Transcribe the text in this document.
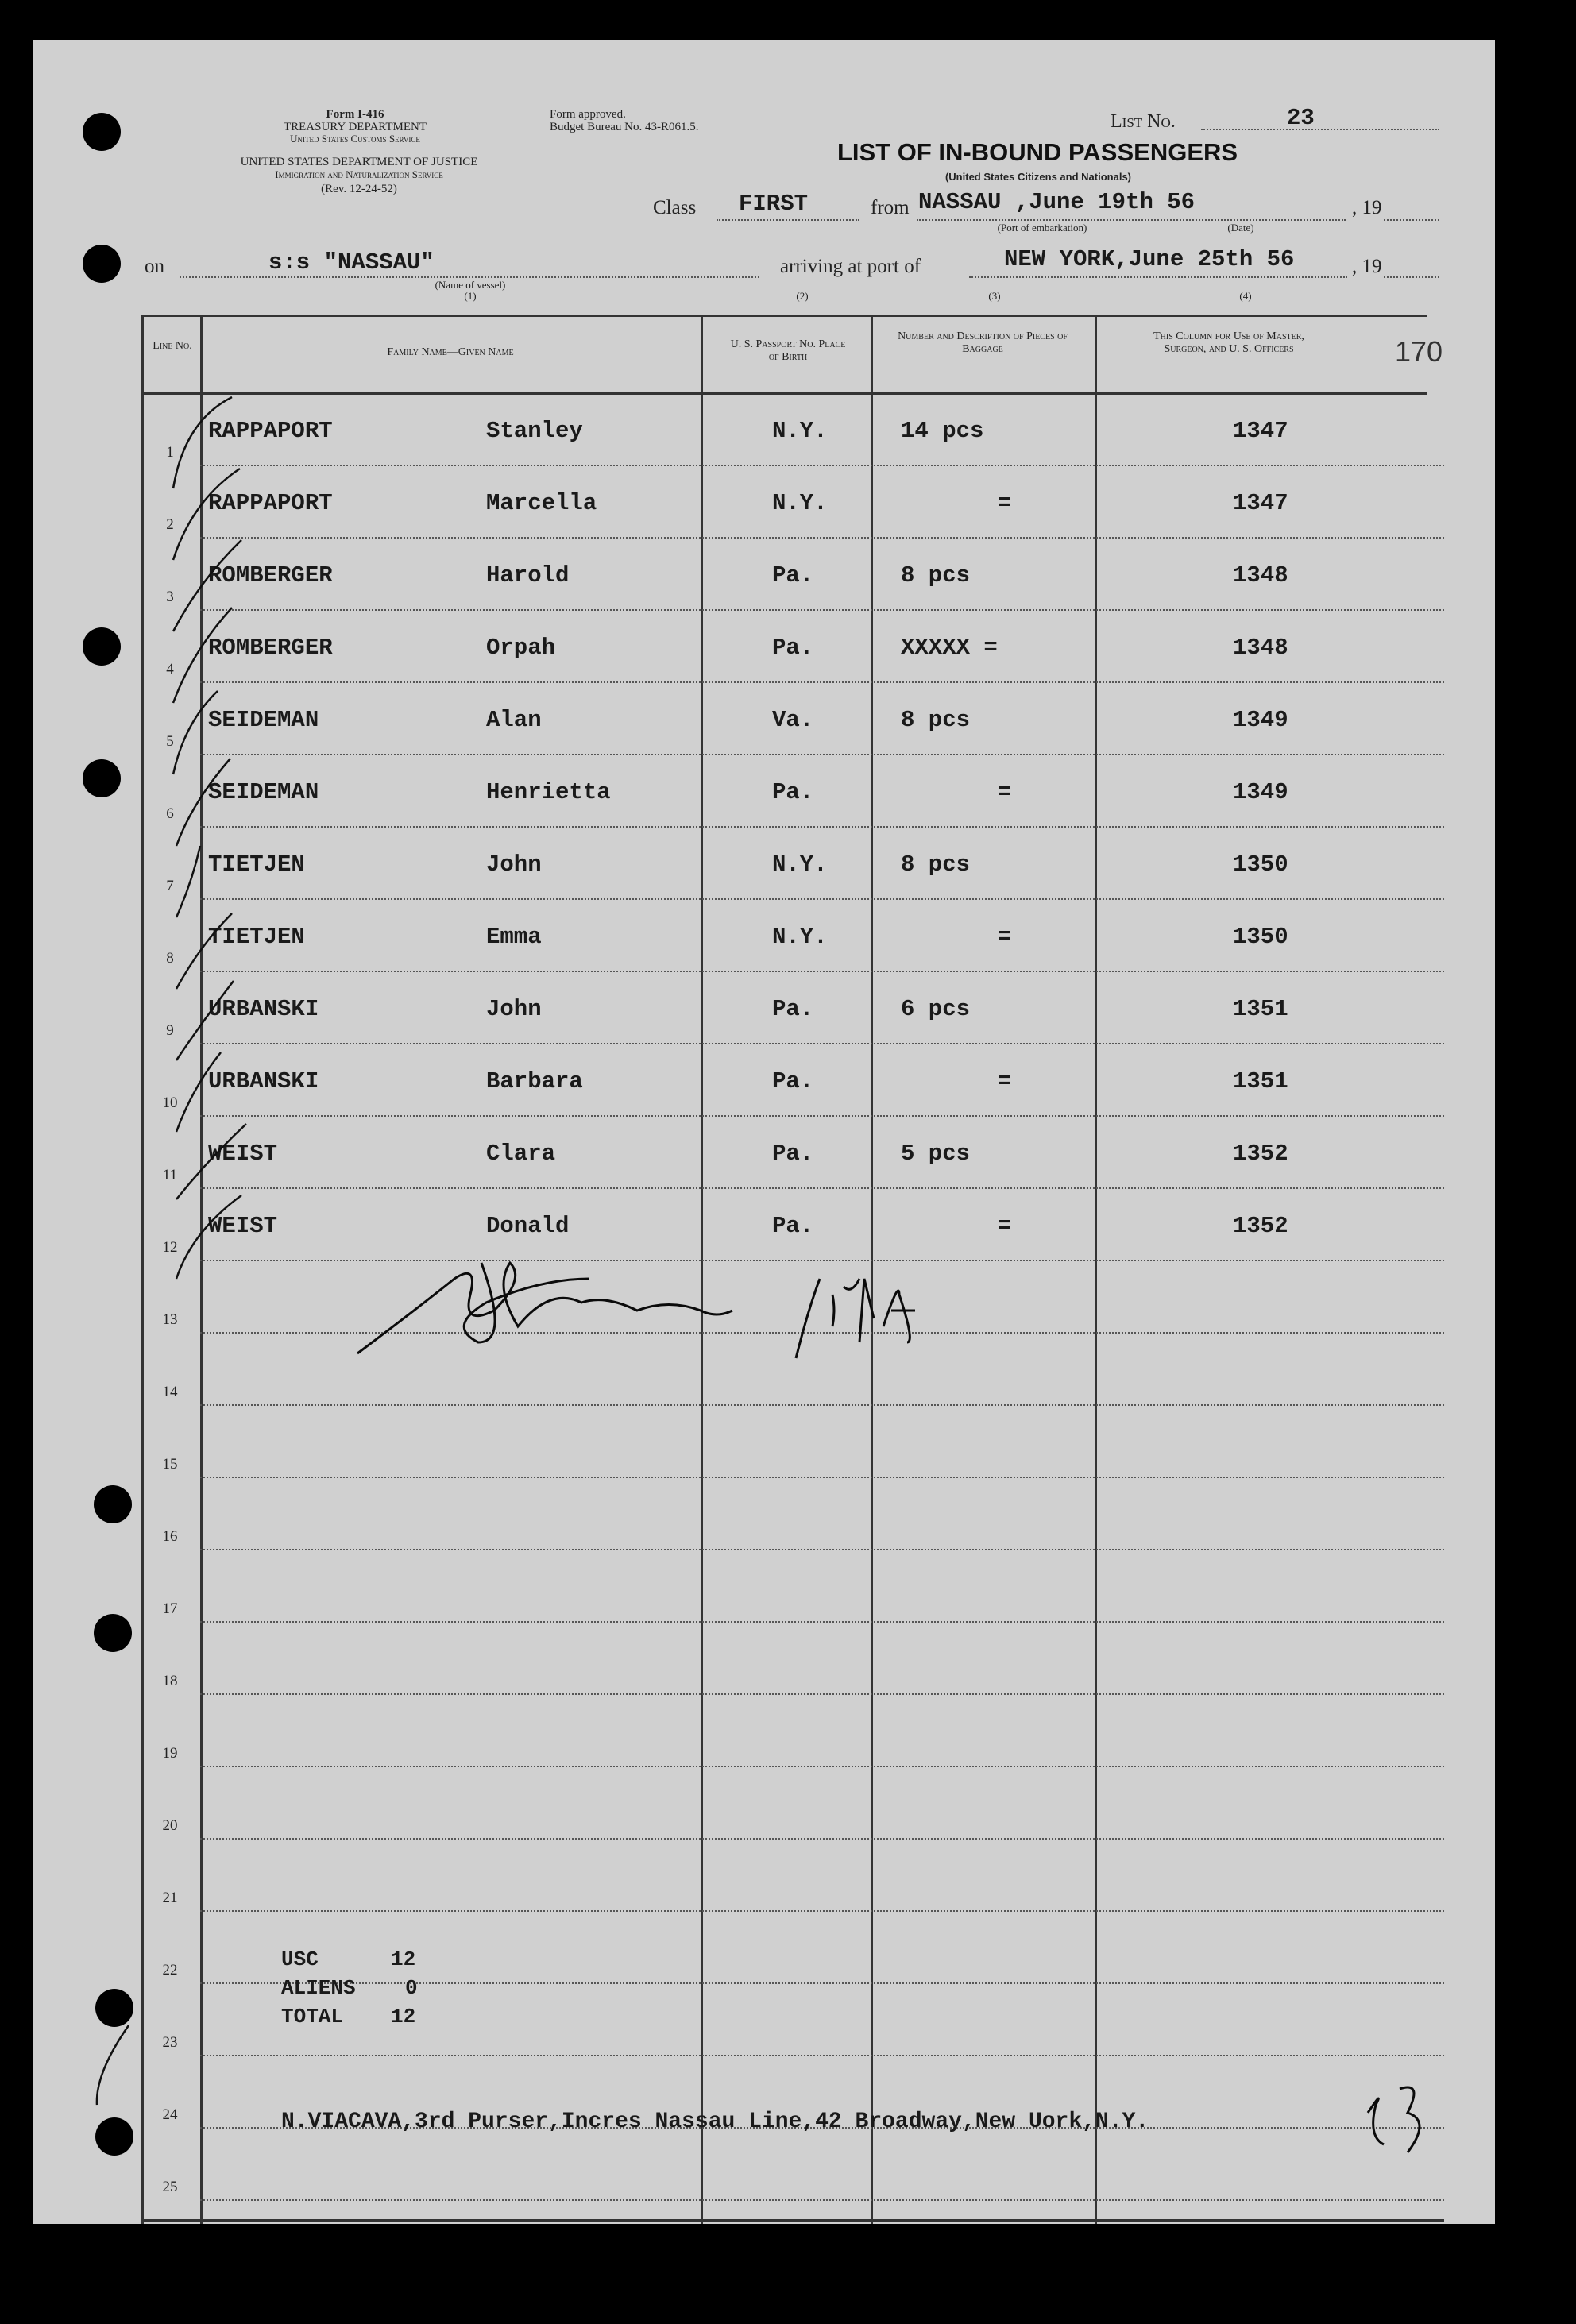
Form I-416
TREASURY DEPARTMENT
United States Customs Service
UNITED STATES DEPARTMENT OF JUSTICE
Immigration and Naturalization Service
(Rev. 12-24-52)
Form approved.
Budget Bureau No. 43-R061.5.	List No.	23
LIST OF IN-BOUND PASSENGERS
(United States Citizens and Nationals)
Class FIRST	from NASSAU ,June 19th 56	, 19
(Port of embarkation)	(Date)
on	s:s "NASSAU"
(Name of vessel)
(1)
arriving at port of	NEW YORK,June 25th 56	, 19
(2)	(3)	(4)
170
Line No.
Family Name—Given Name
U. S. Passport No. Place of Birth
Number and Description of Pieces of Baggage
This Column for Use of Master, Surgeon, and U. S. Officers
1
RAPPAPORT	Stanley	N.Y.	14 pcs	1347
2
RAPPAPORT	Marcella	N.Y.	=	1347
3
ROMBERGER	Harold	Pa.	8 pcs	1348
4
ROMBERGER	Orpah	Pa.	XXXXX =	1348
5
SEIDEMAN	Alan	Va.	8 pcs	1349
6
SEIDEMAN	Henrietta	Pa.	=	1349
7
TIETJEN	John	N.Y.	8 pcs	1350
8
TIETJEN	Emma	N.Y.	=	1350
9
URBANSKI	John	Pa.	6 pcs	1351
10
URBANSKI	Barbara	Pa.	=	1351
11
WEIST	Clara	Pa.	5 pcs	1352
12
WEIST	Donald	Pa.	=	1352
13
14
15
16
17
18
19
20
21
22
23
24
25
USC	12
ALIENS 0
TOTAL 12
N.VIACAVA,3rd Purser,Incres Nassau Line,42 Broadway,New Uork,N.Y.
